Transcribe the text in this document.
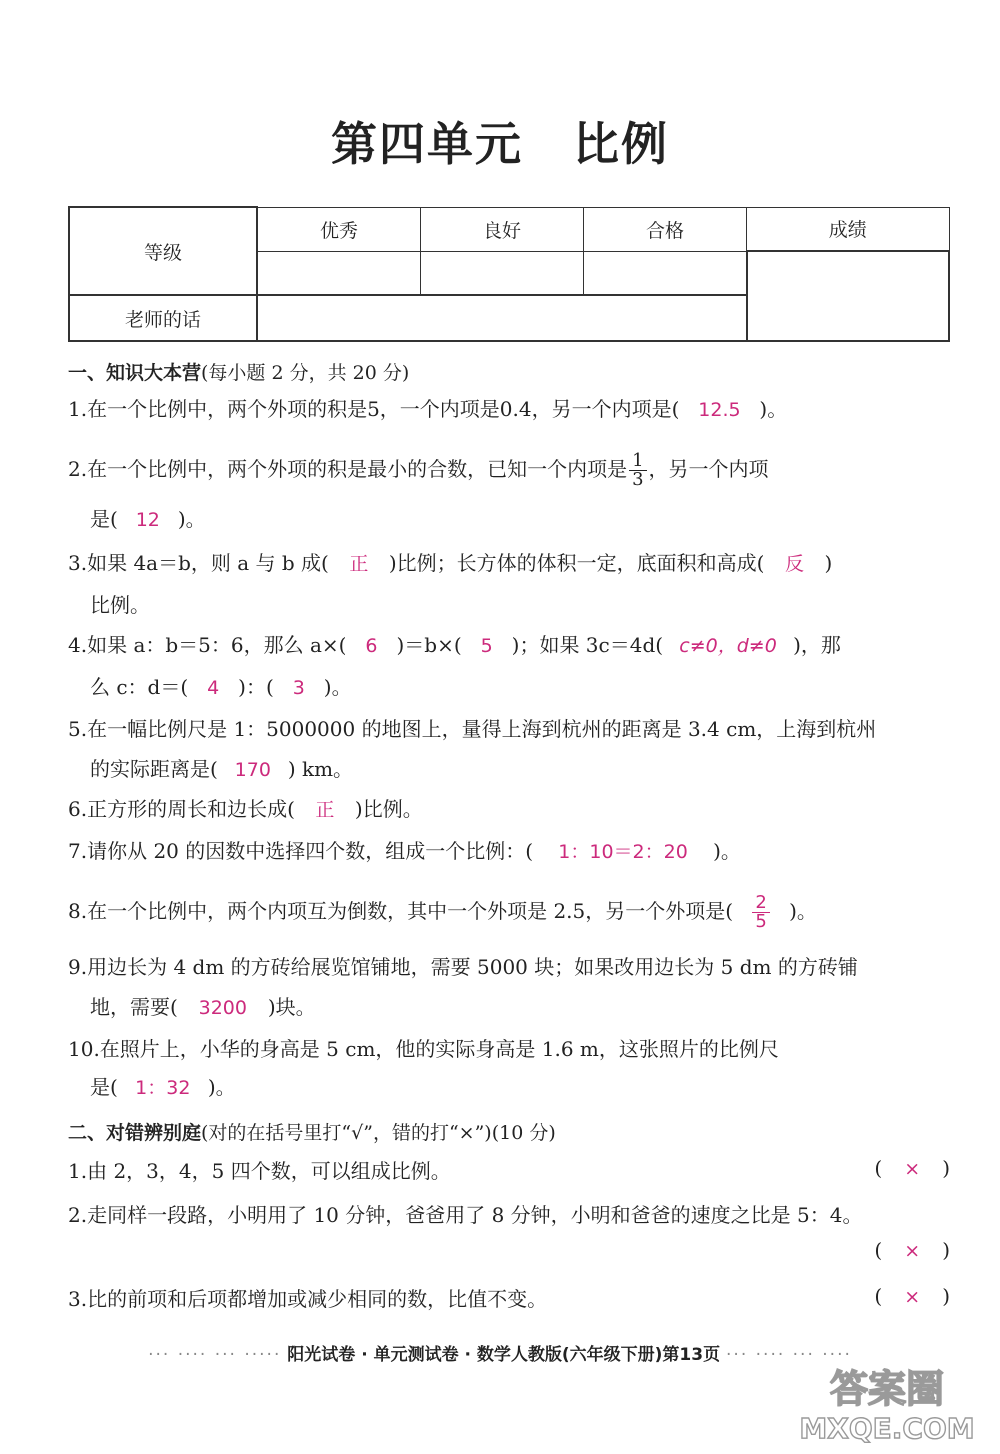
第四单元 比例
等级	优秀	良好	合格	成绩

老师的话				
一、知识大本营(每小题 2 分，共 20 分)
1.在一个比例中，两个外项的积是5，一个内项是0.4，另一个内项是( 12.5 )。
2.在一个比例中，两个外项的积是最小的合数，已知一个内项是 $\frac{1}{3}$ ，另一个内项
是( 12 )。
3.如果 4a＝b，则 a 与 b 成( 正 )比例；长方体的体积一定，底面积和高成( 反 )
比例。
4.如果 a：b＝5：6，那么 a×( 6 )＝b×( 5 )；如果 3c＝4d( c≠0，d≠0 )，那
么 c：d＝( 4 )：( 3 )。
5.在一幅比例尺是 1：5000000 的地图上，量得上海到杭州的距离是 3.4 cm，上海到杭州
的实际距离是( 170 ) km。
6.正方形的周长和边长成( 正 )比例。
7.请你从 20 的因数中选择四个数，组成一个比例：( 1：10＝2：20 )。
8.在一个比例中，两个内项互为倒数，其中一个外项是 2.5，另一个外项是( $\frac{2}{5}$ )。
9.用边长为 4 dm 的方砖给展览馆铺地，需要 5000 块；如果改用边长为 5 dm 的方砖铺
地，需要( 3200 )块。
10.在照片上，小华的身高是 5 cm，他的实际身高是 1.6 m，这张照片的比例尺
是( 1：32 )。
二、对错辨别庭(对的在括号里打“√”，错的打“×”)(10 分)
1.由 2，3，4，5 四个数，可以组成比例。	( × )
2.走同样一段路，小明用了 10 分钟，爸爸用了 8 分钟，小明和爸爸的速度之比是 5：4。
( × )
3.比的前项和后项都增加或减少相同的数，比值不变。	( × )
··· ···· ··· ····· 阳光试卷 · 单元测试卷 · 数学人教版(六年级下册)第13页 ··· ···· ··· ····
答案圈
MXQE.COM
